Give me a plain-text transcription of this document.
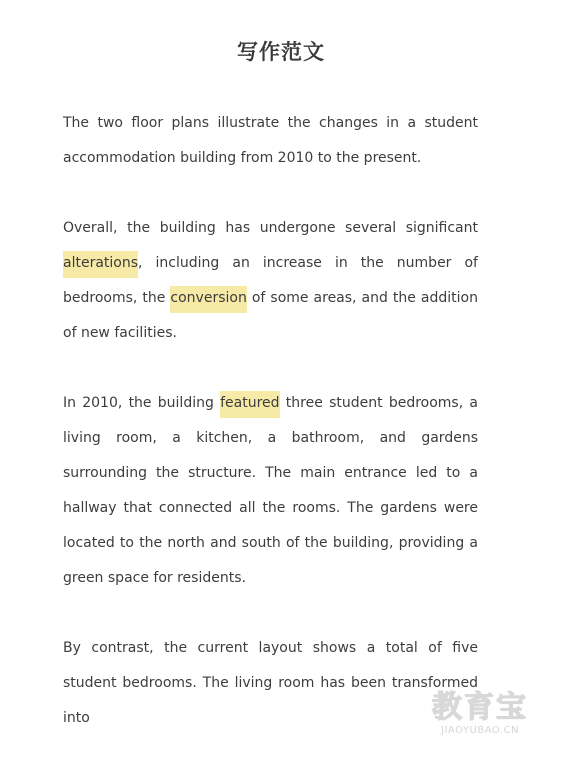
写作范文

The two floor plans illustrate the changes in a student accommodation building from 2010 to the present.

Overall, the building has undergone several significant alterations, including an increase in the number of bedrooms, the conversion of some areas, and the addition of new facilities.

In 2010, the building featured three student bedrooms, a living room, a kitchen, a bathroom, and gardens surrounding the structure. The main entrance led to a hallway that connected all the rooms. The gardens were located to the north and south of the building, providing a green space for residents.

By contrast, the current layout shows a total of five student bedrooms. The living room has been transformed into	教育宝
JIAOYUBAO.CN
